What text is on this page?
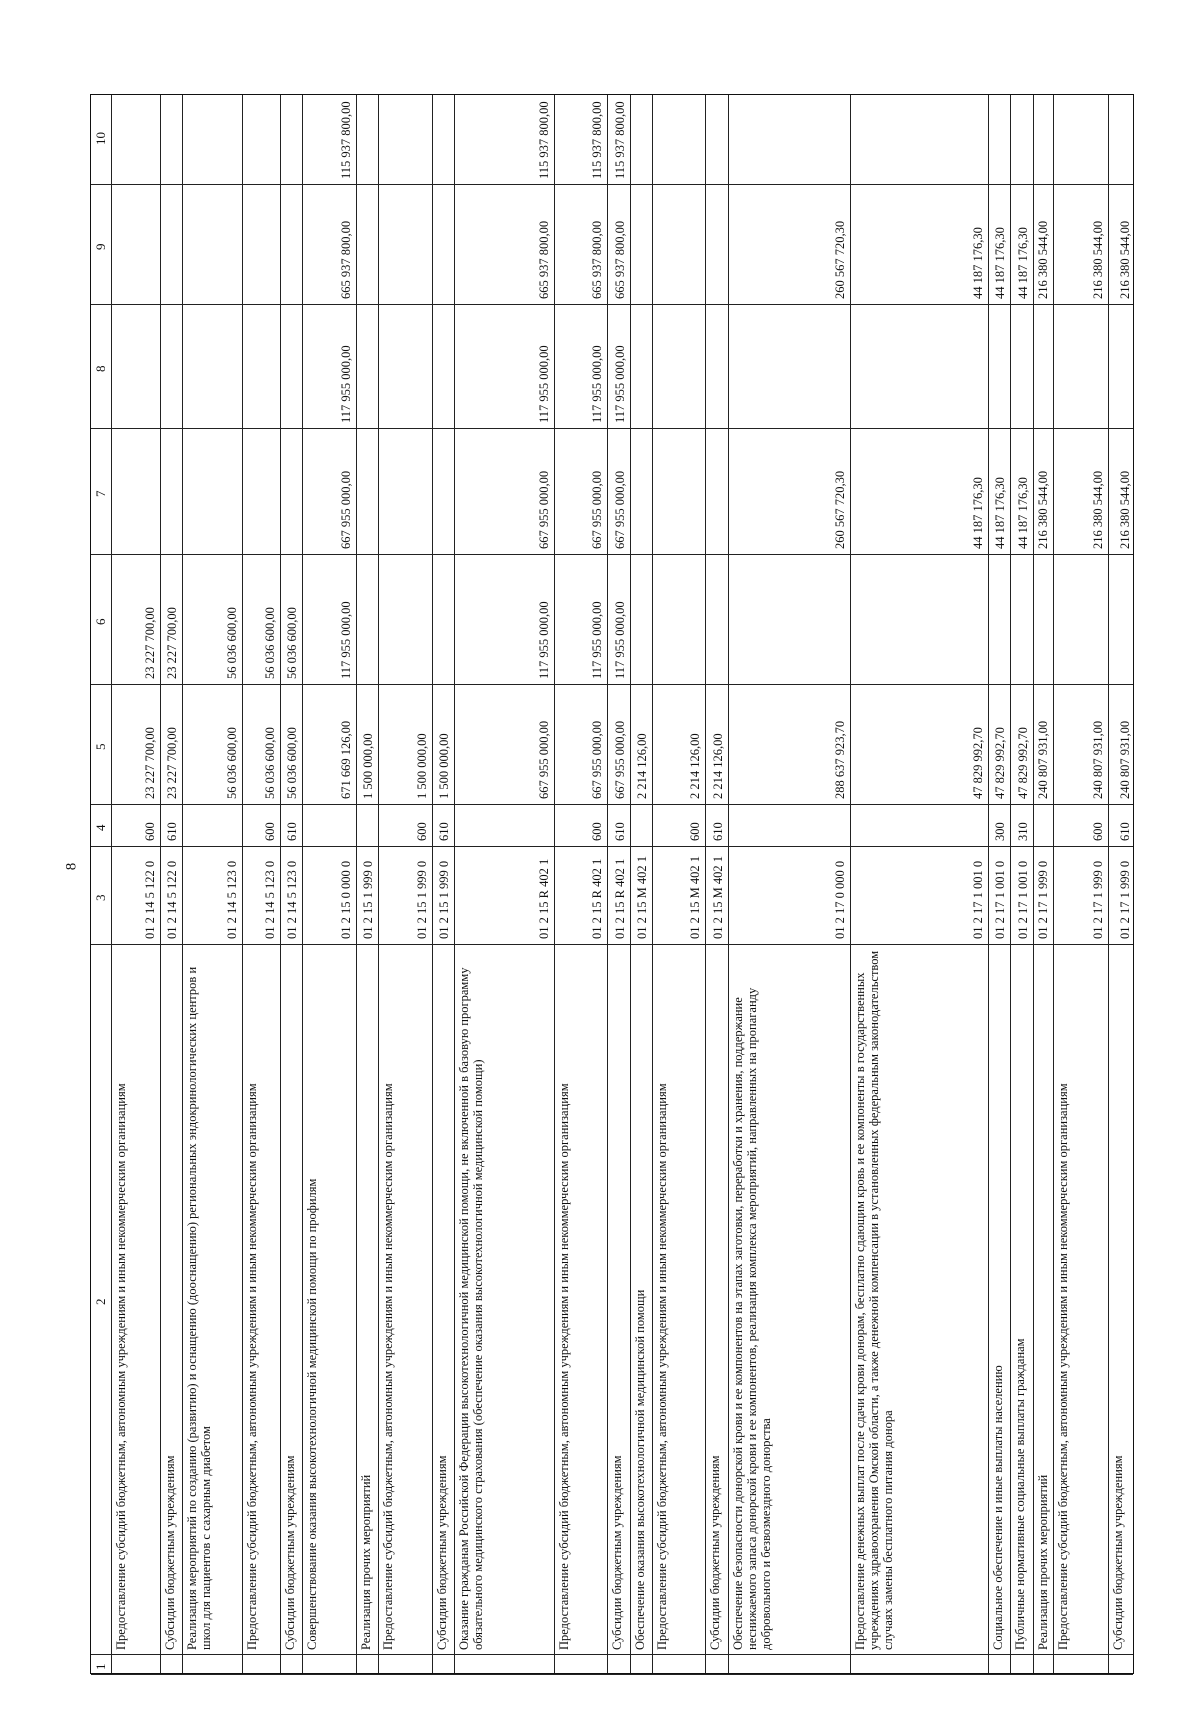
8
1
2
3
4
5
6
7
8
9
10
Предоставление субсидий бюджетным, автономным учреждениям и иным некоммерческим организациям
01 2 14 5 122 0
600
23 227 700,00
23 227 700,00
Субсидии бюджетным учреждениям
01 2 14 5 122 0
610
23 227 700,00
23 227 700,00
Реализация мероприятий по созданию (развитию) и оснащению (дооснащению) региональных эндокринологических центров и школ для пациентов с сахарным диабетом
01 2 14 5 123 0
56 036 600,00
56 036 600,00
Предоставление субсидий бюджетным, автономным учреждениям и иным некоммерческим организациям
01 2 14 5 123 0
600
56 036 600,00
56 036 600,00
Субсидии бюджетным учреждениям
01 2 14 5 123 0
610
56 036 600,00
56 036 600,00
Совершенствование оказания высокотехнологичной медицинской помощи по профилям
01 2 15 0 000 0
671 669 126,00
117 955 000,00
667 955 000,00
117 955 000,00
665 937 800,00
115 937 800,00
Реализация прочих мероприятий
01 2 15 1 999 0
1 500 000,00
Предоставление субсидий бюджетным, автономным учреждениям и иным некоммерческим организациям
01 2 15 1 999 0
600
1 500 000,00
Субсидии бюджетным учреждениям
01 2 15 1 999 0
610
1 500 000,00
Оказание гражданам Российской Федерации высокотехнологичной медицинской помощи, не включенной в базовую программу обязательного медицинского страхования (обеспечение оказания высокотехнологичной медицинской помощи)
01 2 15 R 402 1
667 955 000,00
117 955 000,00
667 955 000,00
117 955 000,00
665 937 800,00
115 937 800,00
Предоставление субсидий бюджетным, автономным учреждениям и иным некоммерческим организациям
01 2 15 R 402 1
600
667 955 000,00
117 955 000,00
667 955 000,00
117 955 000,00
665 937 800,00
115 937 800,00
Субсидии бюджетным учреждениям
01 2 15 R 402 1
610
667 955 000,00
117 955 000,00
667 955 000,00
117 955 000,00
665 937 800,00
115 937 800,00
Обеспечение оказания высокотехнологичной медицинской помощи
01 2 15 M 402 1
2 214 126,00
Предоставление субсидий бюджетным, автономным учреждениям и иным некоммерческим организациям
01 2 15 M 402 1
600
2 214 126,00
Субсидии бюджетным учреждениям
01 2 15 M 402 1
610
2 214 126,00
Обеспечение безопасности донорской крови и ее компонентов на этапах заготовки, переработки и хранения, поддержание неснижаемого запаса донорской крови и ее компонентов, реализация комплекса мероприятий, направленных на пропаганду добровольного и безвозмездного донорства
01 2 17 0 000 0
288 637 923,70
260 567 720,30
260 567 720,30
Предоставление денежных выплат после сдачи крови донорам, бесплатно сдающим кровь и ее компоненты в государственных учреждениях здравоохранения Омской области, а также денежной компенсации в установленных федеральным законодательством случаях замены бесплатного питания донора
01 2 17 1 001 0
47 829 992,70
44 187 176,30
44 187 176,30
Социальное обеспечение и иные выплаты населению
01 2 17 1 001 0
300
47 829 992,70
44 187 176,30
44 187 176,30
Публичные нормативные социальные выплаты гражданам
01 2 17 1 001 0
310
47 829 992,70
44 187 176,30
44 187 176,30
Реализация прочих мероприятий
01 2 17 1 999 0
240 807 931,00
216 380 544,00
216 380 544,00
Предоставление субсидий бюджетным, автономным учреждениям и иным некоммерческим организациям
01 2 17 1 999 0
600
240 807 931,00
216 380 544,00
216 380 544,00
Субсидии бюджетным учреждениям
01 2 17 1 999 0
610
240 807 931,00
216 380 544,00
216 380 544,00
